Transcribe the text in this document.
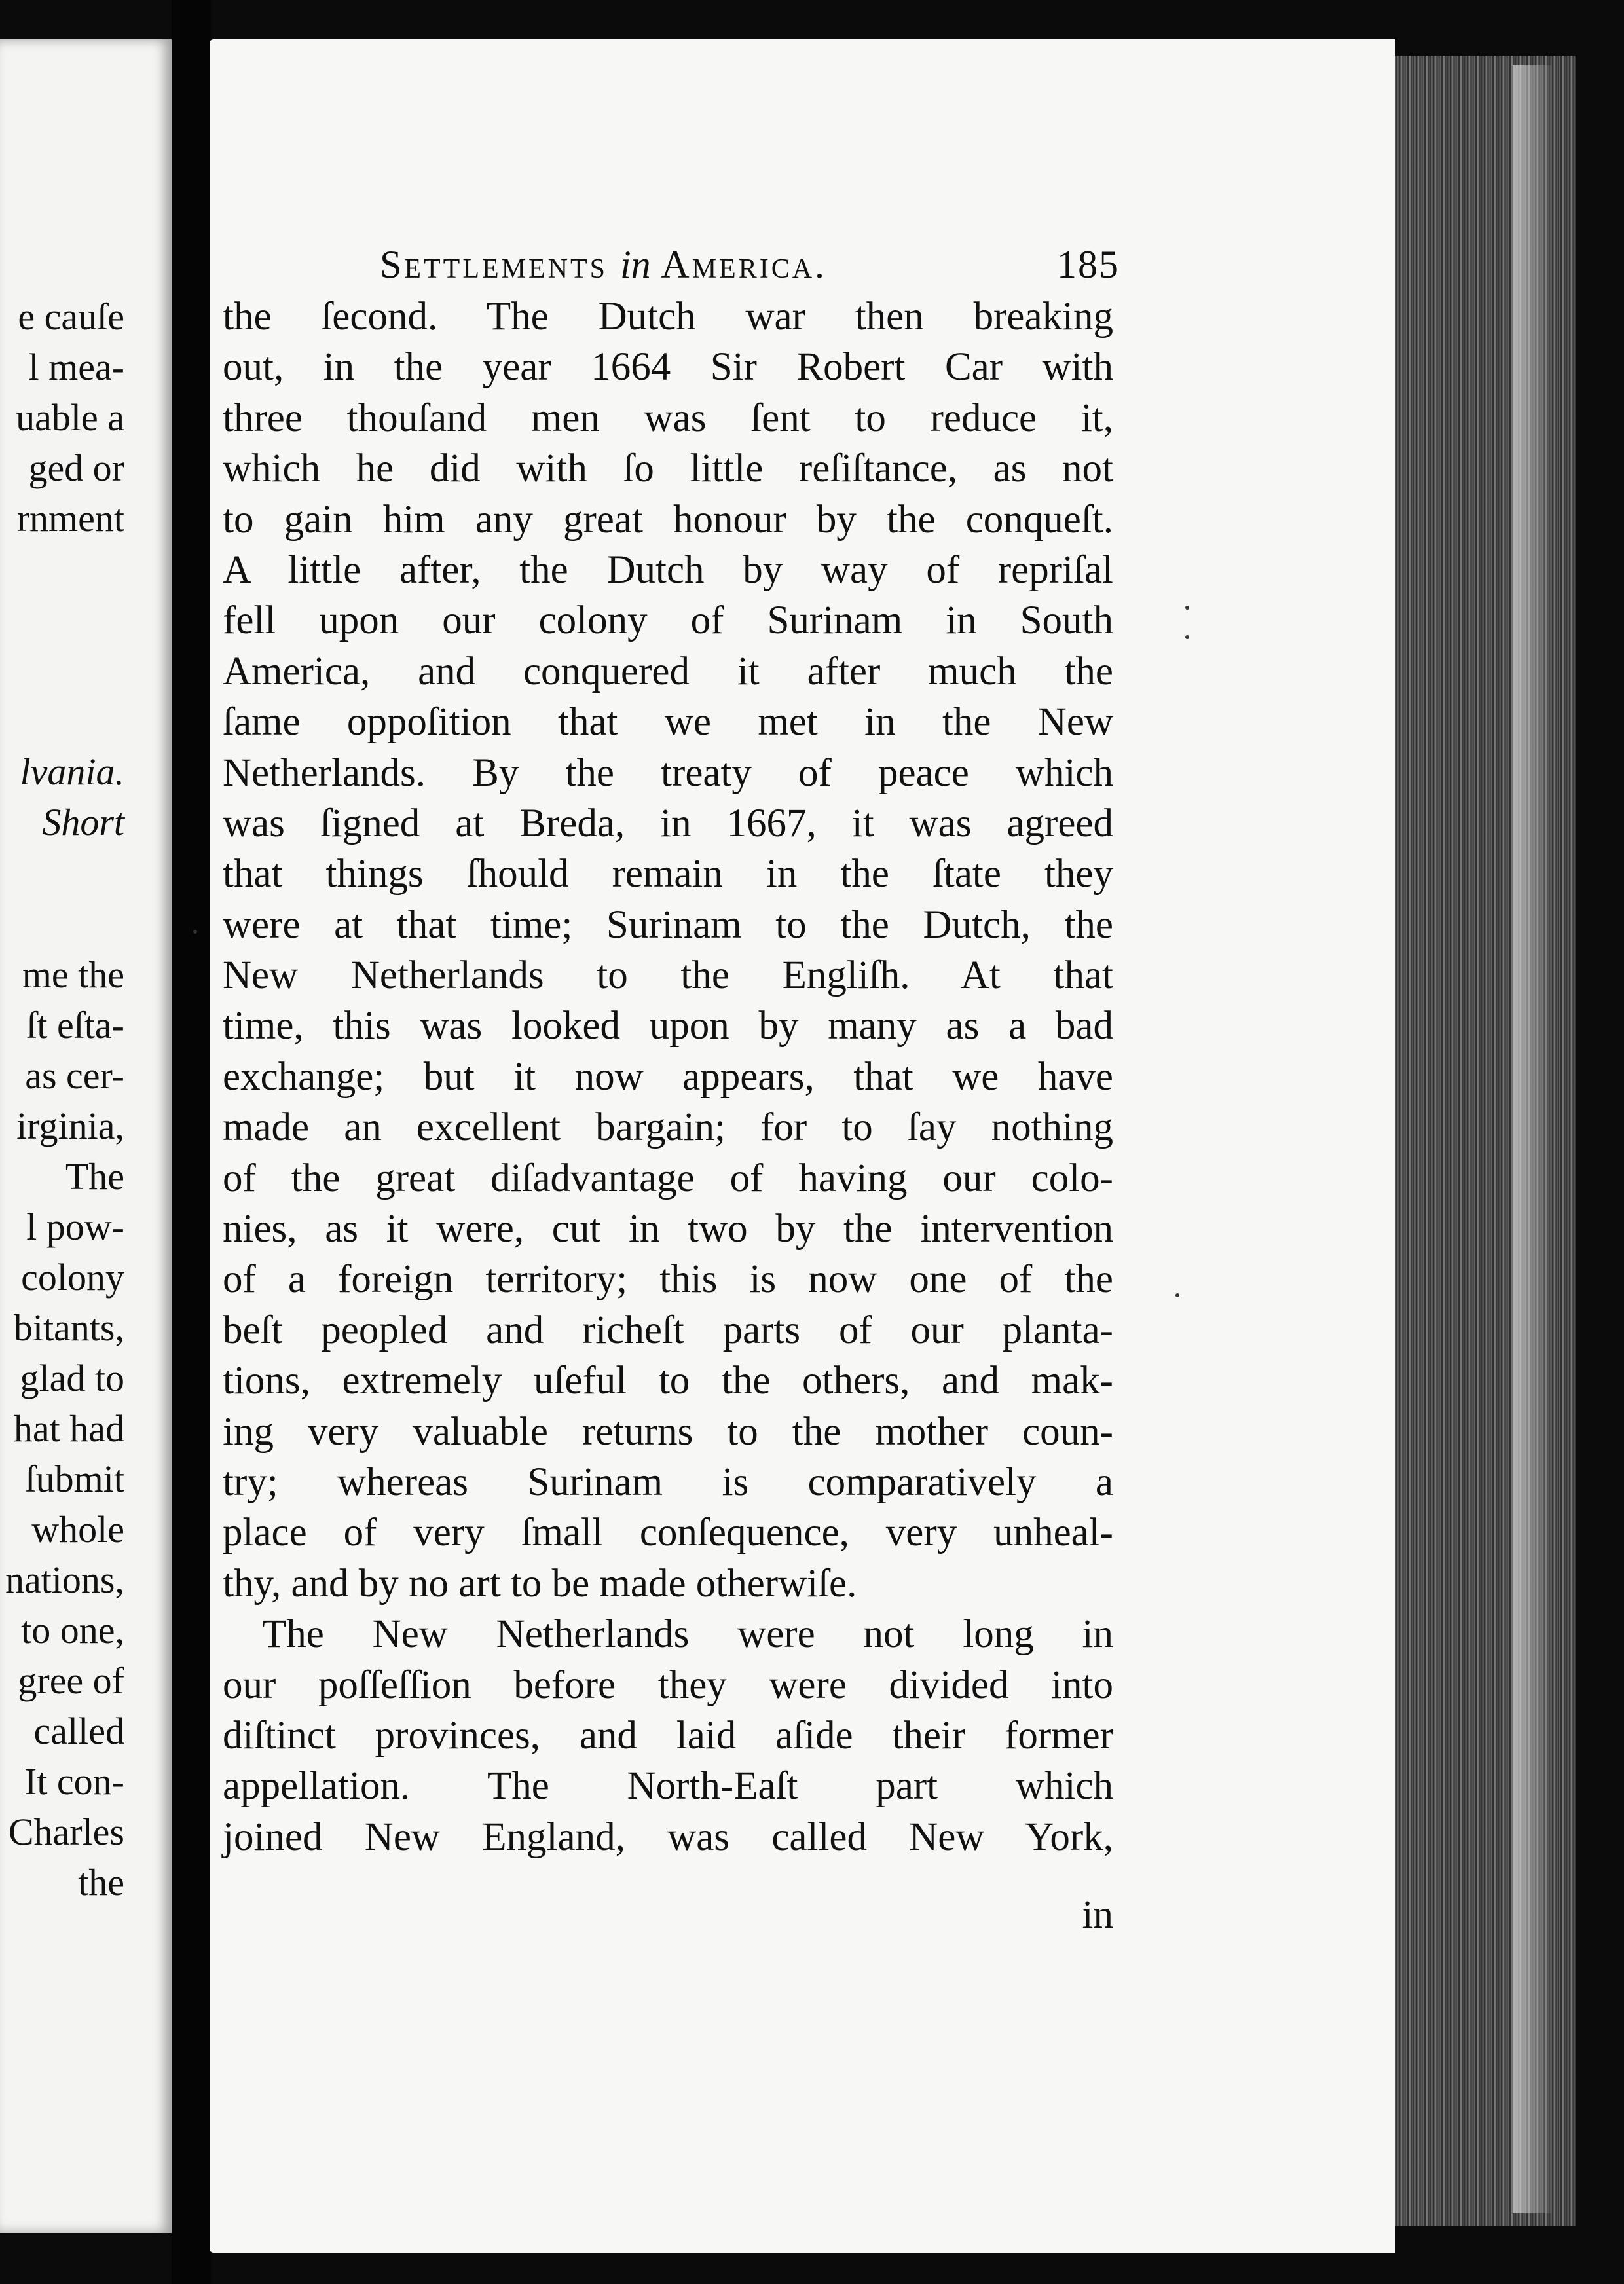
e cauſe
l mea-
uable a
ged or
rnment
lvania.
Short
me the
ſt eſta-
as cer-
irginia,
The
l pow-
colony
bitants,
glad to
hat had
ſubmit
whole
nations,
to one,
gree of
called
It con-
Charles
the
Settlements in America.	185
the ſecond. The Dutch war then breaking
out, in the year 1664 Sir Robert Car with
three thouſand men was ſent to reduce it,
which he did with ſo little reſiſtance, as not
to gain him any great honour by the conqueſt.
A little after, the Dutch by way of repriſal
fell upon our colony of Surinam in South
America, and conquered it after much the
ſame oppoſition that we met in the New
Netherlands. By the treaty of peace which
was ſigned at Breda, in 1667, it was agreed
that things ſhould remain in the ſtate they
were at that time; Surinam to the Dutch, the
New Netherlands to the Engliſh. At that
time, this was looked upon by many as a bad
exchange; but it now appears, that we have
made an excellent bargain; for to ſay nothing
of the great diſadvantage of having our colo-
nies, as it were, cut in two by the intervention
of a foreign territory; this is now one of the
beſt peopled and richeſt parts of our planta-
tions, extremely uſeful to the others, and mak-
ing very valuable returns to the mother coun-
try; whereas Surinam is comparatively a
place of very ſmall conſequence, very unheal-
thy, and by no art to be made otherwiſe.
The New Netherlands were not long in
our poſſeſſion before they were divided into
diſtinct provinces, and laid aſide their former
appellation. The North-Eaſt part which
joined New England, was called New York,
in
